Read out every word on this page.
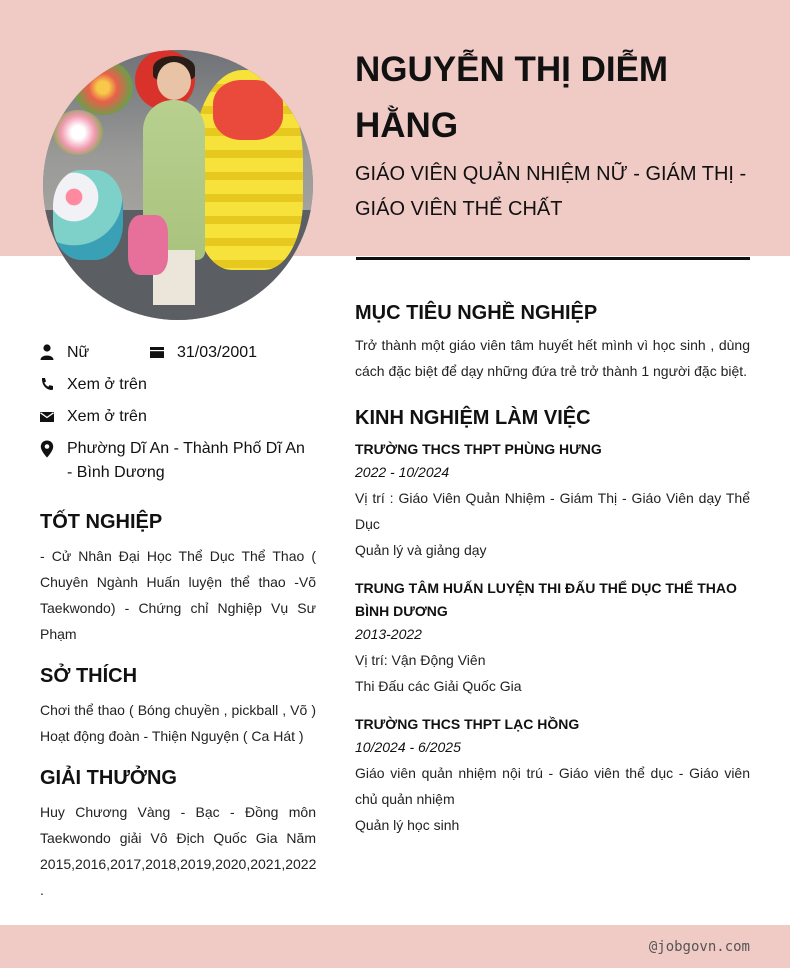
NGUYỄN THỊ DIỄM HẰNG
GIÁO VIÊN QUẢN NHIỆM NỮ - GIÁM THỊ - GIÁO VIÊN THỂ CHẤT
Nữ	31/03/2001
Xem ở trên
Xem ở trên
Phường Dĩ An - Thành Phố Dĩ An - Bình Dương
TỐT NGHIỆP

- Cử Nhân Đại Học Thể Dục Thể Thao ( Chuyên Ngành Huấn luyện thể thao -Võ Taekwondo) - Chứng chỉ Nghiệp Vụ Sư Phạm

SỞ THÍCH

Chơi thể thao ( Bóng chuyền , pickball , Võ ) Hoạt động đoàn - Thiện Nguyện ( Ca Hát )

GIẢI THƯỞNG

Huy Chương Vàng - Bạc - Đồng môn Taekwondo giải Vô Địch Quốc Gia Năm 2015,2016,2017,2018,2019,2020,2021,2022 .

MỤC TIÊU NGHỀ NGHIỆP

Trở thành một giáo viên tâm huyết hết mình vì học sinh , dùng cách đặc biệt để dạy những đứa trẻ trở thành 1 người đặc biệt.

KINH NGHIỆM LÀM VIỆC

TRƯỜNG THCS THPT PHÙNG HƯNG

2022 - 10/2024

Vị trí : Giáo Viên Quản Nhiệm - Giám Thị - Giáo Viên dạy Thể Dục

Quản lý và giảng dạy

TRUNG TÂM HUẤN LUYỆN THI ĐẤU THỂ DỤC THỂ THAO BÌNH DƯƠNG

2013-2022

Vị trí: Vận Động Viên

Thi Đấu các Giải Quốc Gia

TRƯỜNG THCS THPT LẠC HỒNG

10/2024 - 6/2025

Giáo viên quản nhiệm nội trú - Giáo viên thể dục - Giáo viên chủ quản nhiệm

Quản lý học sinh

@jobgovn.com
